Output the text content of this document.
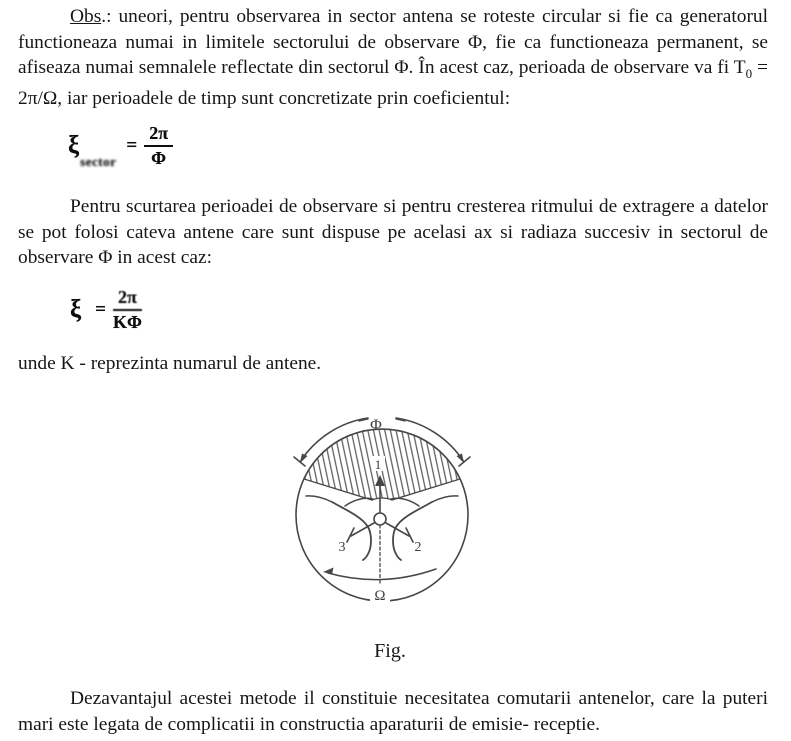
Obs.: uneori, pentru observarea in sector antena se roteste circular si fie ca generatorul functioneaza numai in limitele sectorului de observare Φ, fie ca functioneaza permanent, se afiseaza numai semnalele reflectate din sectorul Φ. În acest caz, perioada de observare va fi $T_0 = 2\pi/\Omega$, iar perioadele de timp sunt concretizate prin coeficientul:

ξ
sector
= $\frac{2\pi}{\Phi}$

Pentru scurtarea perioadei de observare si pentru cresterea ritmului de extragere a datelor se pot folosi cateva antene care sunt dispuse pe acelasi ax si radiaza succesiv in sectorul de observare Φ in acest caz:

$\xi = \frac{2\pi}{K\Phi}$

unde K - reprezinta numarul de antene.

Φ
1
2
3
Ω

Fig.

Dezavantajul acestei metode il constituie necesitatea comutarii antenelor, care la puteri mari este legata de complicatii in constructia aparaturii de emisie- receptie.
